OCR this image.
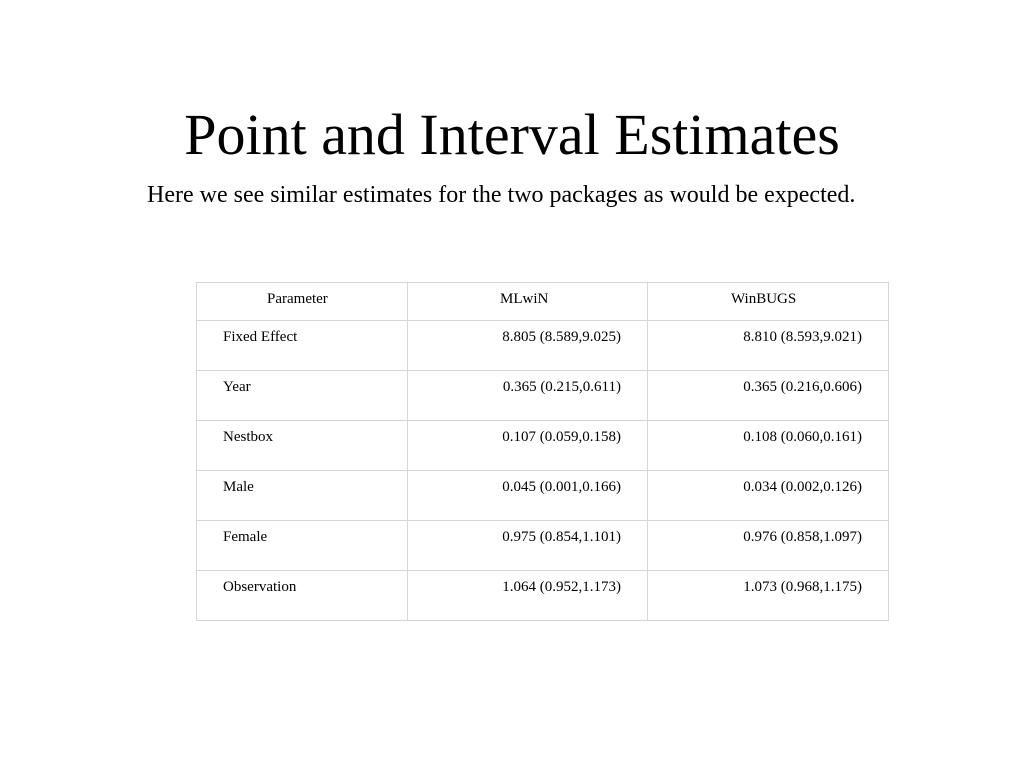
Point and Interval Estimates

Here we see similar estimates for the two packages as would be expected.

Parameter	MLwiN	WinBUGS
Fixed Effect	8.805 (8.589,9.025)	8.810 (8.593,9.021)
Year	0.365 (0.215,0.611)	0.365 (0.216,0.606)
Nestbox	0.107 (0.059,0.158)	0.108 (0.060,0.161)
Male	0.045 (0.001,0.166)	0.034 (0.002,0.126)
Female	0.975 (0.854,1.101)	0.976 (0.858,1.097)
Observation	1.064 (0.952,1.173)	1.073 (0.968,1.175)
